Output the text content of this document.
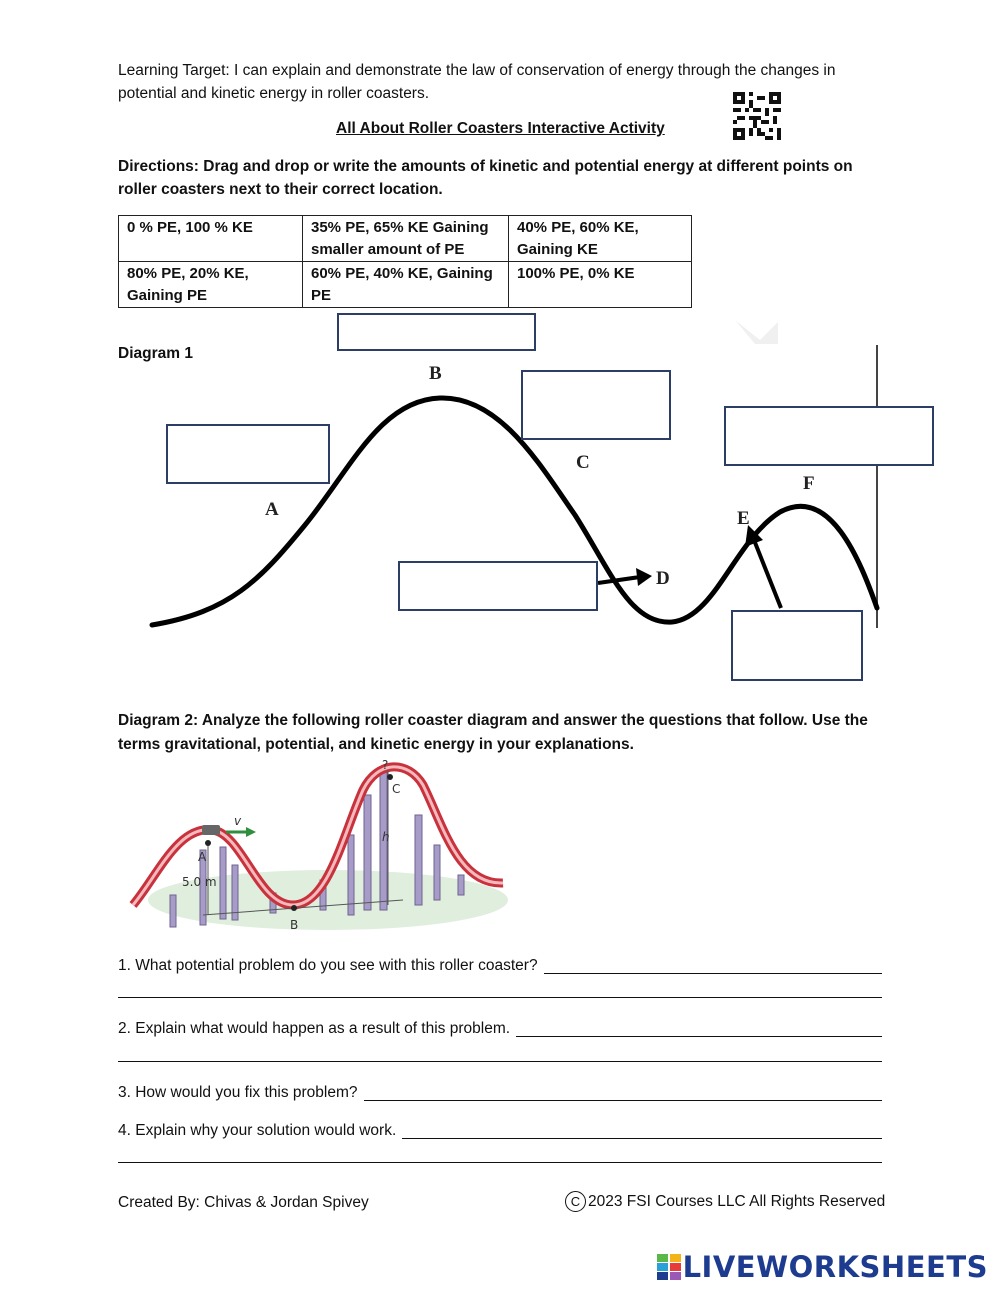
Learning Target: I can explain and demonstrate the law of conservation of energy through the changes in
potential and kinetic energy in roller coasters.
All About Roller Coasters Interactive Activity
Directions: Drag and drop or write the amounts of kinetic and potential energy at different points on
roller coasters next to their correct location.
0 % PE, 100 % KE	35% PE, 65% KE Gaining smaller amount of PE	40% PE, 60% KE, Gaining KE
80% PE, 20% KE, Gaining PE	60% PE, 40% KE, Gaining PE	100% PE, 0% KE
Diagram 1
A
B
C
D
E
F
Diagram 2: Analyze the following roller coaster diagram and answer the questions that follow. Use the
terms gravitational, potential, and kinetic energy in your explanations.
?
C
h
v
A
5.0 m
B
1. What potential problem do you see with this roller coaster?
2. Explain what would happen as a result of this problem.
3. How would you fix this problem?
4. Explain why your solution would work.
Created By: Chivas & Jordan Spivey	C 2023 FSI Courses LLC All Rights Reserved
LIVEWORKSHEETS
